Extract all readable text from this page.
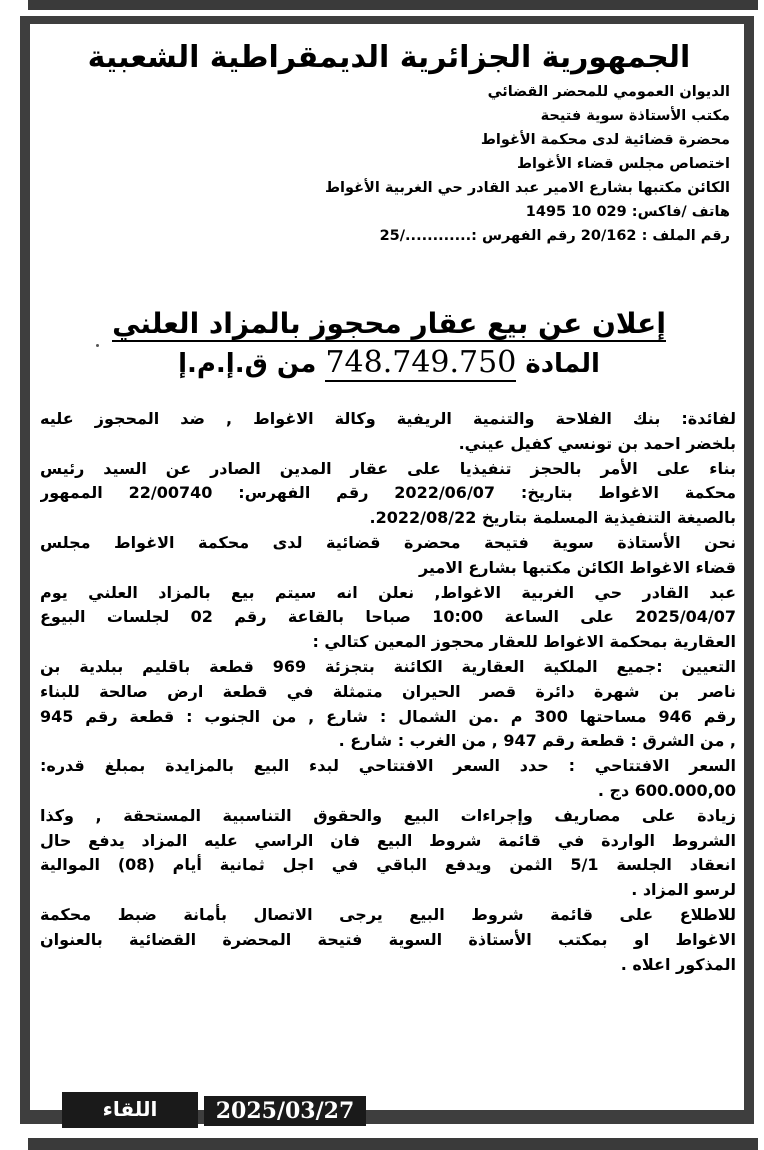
الجمهورية الجزائرية الديمقراطية الشعبية
الديوان العمومي للمحضر القضائي
مكتب الأستاذة سوية فتيحة
محضرة قضائية لدى محكمة الأغواط
اختصاص مجلس قضاء الأغواط
الكائن مكتبها بشارع الامير عبد القادر حي الغربية الأغواط
هاتف /فاكس: 029 10 1495
رقم الملف : 20/162 رقم الفهرس :............/25
إعلان عن بيع عقار محجوز بالمزاد العلني
المادة 748.749.750 من ق.إ.م.إ
لفائدة: بنك الفلاحة والتنمية الريفية وكالة الاغواط , ضد المحجوز عليه
بلخضر احمد بن تونسي كفيل عيني.
بناء على الأمر بالحجز تنفيذيا على عقار المدين الصادر عن السيد رئيس
محكمة الاغواط بتاريخ: 2022/06/07 رقم الفهرس: 22/00740 الممهور
بالصيغة التنفيذية المسلمة بتاريخ 2022/08/22.
نحن الأستاذة سوية فتيحة محضرة قضائية لدى محكمة الاغواط مجلس
قضاء الاغواط الكائن مكتبها بشارع الامير
عبد القادر حي الغربية الاغواط, نعلن انه سيتم بيع بالمزاد العلني يوم
2025/04/07 على الساعة 10:00 صباحا بالقاعة رقم 02 لجلسات البيوع
العقارية بمحكمة الاغواط للعقار محجوز المعين كتالي :
التعيين :جميع الملكية العقارية الكائنة بتجزئة 969 قطعة باقليم ببلدية بن
ناصر بن شهرة دائرة قصر الحيران متمثلة في قطعة ارض صالحة للبناء
رقم 946 مساحتها 300 م .من الشمال : شارع , من الجنوب : قطعة رقم 945
, من الشرق : قطعة رقم 947 , من الغرب : شارع .
السعر الافتتاحي : حدد السعر الافتتاحي لبدء البيع بالمزايدة بمبلغ قدره:
600.000,00 دج .
زيادة على مصاريف وإجراءات البيع والحقوق التناسبية المستحقة , وكذا
الشروط الواردة في قائمة شروط البيع فان الراسي عليه المزاد يدفع حال
انعقاد الجلسة 5/1 الثمن ويدفع الباقي في اجل ثمانية أيام (08) الموالية
لرسو المزاد .
للاطلاع على قائمة شروط البيع يرجى الاتصال بأمانة ضبط محكمة
الاغواط او بمكتب الأستاذة السوية فتيحة المحضرة القضائية بالعنوان
المذكور اعلاه .
اللقاء	2025/03/27
